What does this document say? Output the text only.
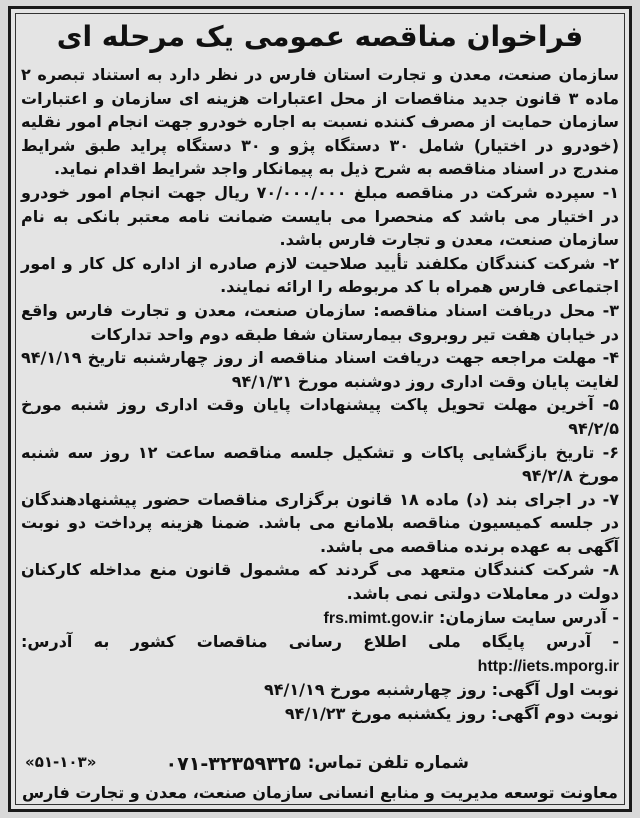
فراخوان مناقصه عمومی یک مرحله ای

سازمان صنعت، معدن و تجارت استان فارس در نظر دارد به استناد تبصره ۲ ماده ۳ قانون جدید مناقصات از محل اعتبارات هزینه ای سازمان و اعتبارات سازمان حمایت از مصرف کننده نسبت به اجاره خودرو جهت انجام امور نقلیه (خودرو در اختیار) شامل ۳۰ دستگاه پژو و ۳۰ دستگاه پراید طبق شرایط مندرج در اسناد مناقصه به شرح ذیل به پیمانکار واجد شرایط اقدام نماید.

۱- سپرده شرکت در مناقصه مبلغ ۷۰/۰۰۰/۰۰۰ ریال جهت انجام امور خودرو در اختیار می باشد که منحصرا می بایست ضمانت نامه معتبر بانکی به نام سازمان صنعت، معدن و تجارت فارس باشد.

۲- شرکت کنندگان مکلفند تأیید صلاحیت لازم صادره از اداره کل کار و امور اجتماعی فارس همراه با کد مربوطه را ارائه نمایند.

۳- محل دریافت اسناد مناقصه: سازمان صنعت، معدن و تجارت فارس واقع در خیابان هفت تیر روبروی بیمارستان شفا طبقه دوم واحد تدارکات

۴- مهلت مراجعه جهت دریافت اسناد مناقصه از روز چهارشنبه تاریخ ۹۴/۱/۱۹ لغایت پایان وقت اداری روز دوشنبه مورخ ۹۴/۱/۳۱

۵- آخرین مهلت تحویل پاکت پیشنهادات پایان وقت اداری روز شنبه مورخ ۹۴/۲/۵

۶- تاریخ بازگشایی پاکات و تشکیل جلسه مناقصه ساعت ۱۲ روز سه شنبه مورخ ۹۴/۲/۸

۷- در اجرای بند (د) ماده ۱۸ قانون برگزاری مناقصات حضور پیشنهادهندگان در جلسه کمیسیون مناقصه بلامانع می باشد. ضمنا هزینه پرداخت دو نوبت آگهی به عهده برنده مناقصه می باشد.

۸- شرکت کنندگان متعهد می گردند که مشمول قانون منع مداخله کارکنان دولت در معاملات دولتی نمی باشد.

- آدرس سایت سازمان: frs.mimt.gov.ir

- آدرس پایگاه ملی اطلاع رسانی مناقصات کشور به آدرس: http://iets.mporg.ir

نوبت اول آگهی: روز چهارشنبه مورخ ۹۴/۱/۱۹

نوبت دوم آگهی: روز یکشنبه مورخ ۹۴/۱/۲۳

شماره تلفن تماس:
۰۷۱-۳۲۳۵۹۳۲۵
«۵۱-۱۰۳»
معاونت توسعه مدیریت و منابع انسانی سازمان صنعت، معدن و تجارت فارس
